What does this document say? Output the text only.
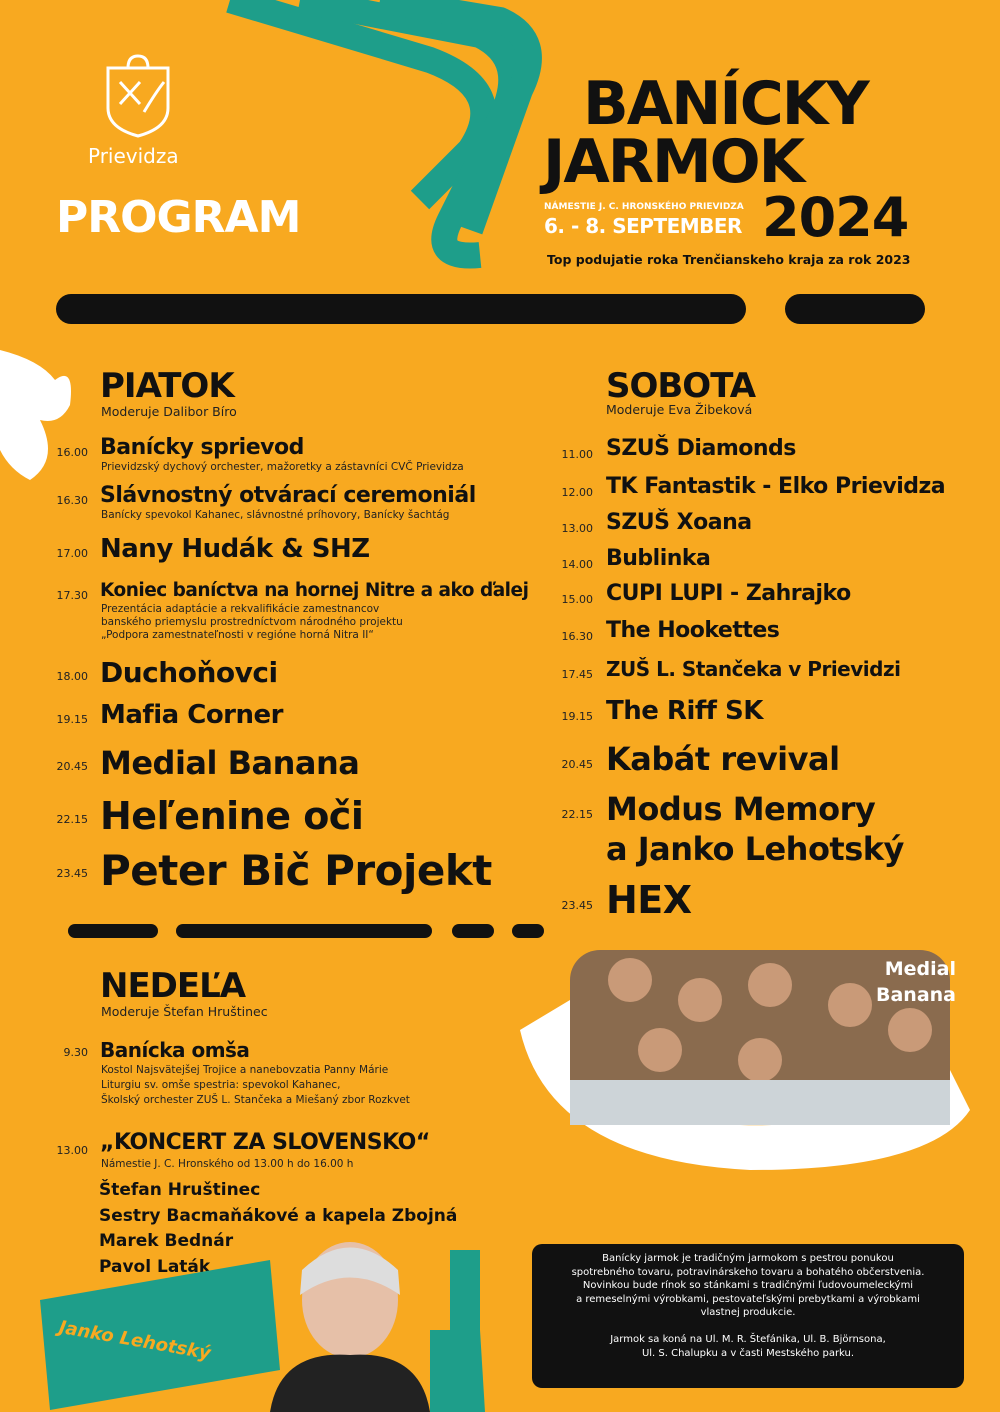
Prievidza
PROGRAM
BANÍCKY
JARMOK
NÁMESTIE J. C. HRONSKÉHO PRIEVIDZA
6. - 8. SEPTEMBER 2024
Top podujatie roka Trenčianskeho kraja za rok 2023
PIATOK
Moderuje Dalibor Bíro
16.00 Banícky sprievod
Prievidzský dychový orchester, mažoretky a zástavníci CVČ Prievidza
16.30 Slávnostný otvárací ceremoniál
Banícky spevokol Kahanec, slávnostné príhovory, Banícky šachtág
17.00 Nany Hudák & SHZ
17.30 Koniec baníctva na hornej Nitre a ako ďalej
Prezentácia adaptácie a rekvalifikácie zamestnancov
banského priemyslu prostredníctvom národného projektu
„Podpora zamestnateľnosti v regióne horná Nitra II“
18.00 Duchoňovci
19.15 Mafia Corner
20.45 Medial Banana
22.15 Heľenine oči
23.45 Peter Bič Projekt
SOBOTA
Moderuje Eva Žibeková
11.00 SZUŠ Diamonds
12.00 TK Fantastik - Elko Prievidza
13.00 SZUŠ Xoana
14.00 Bublinka
15.00 CUPI LUPI - Zahrajko
16.30 The Hookettes
17.45 ZUŠ L. Stančeka v Prievidzi
19.15 The Riff SK
20.45 Kabát revival
22.15 Modus Memory
a Janko Lehotský
23.45 HEX
NEDEĽA
Moderuje Štefan Hruštinec
9.30 Banícka omša
Kostol Najsvätejšej Trojice a nanebovzatia Panny Márie
Liturgiu sv. omše spestria: spevokol Kahanec,
Školský orchester ZUŠ L. Stančeka a Miešaný zbor Rozkvet
13.00 „KONCERT ZA SLOVENSKO“
Námestie J. C. Hronského od 13.00 h do 16.00 h
Štefan Hruštinec
Sestry Bacmaňákové a kapela Zbojná
Marek Bednár
Pavol Laták
Medial
Banana
Janko Lehotský
Banícky jarmok je tradičným jarmokom s pestrou ponukou
spotrebného tovaru, potravinárskeho tovaru a bohatého občerstvenia.
Novinkou bude rínok so stánkami s tradičnými ľudovoumeleckými
a remeselnými výrobkami, pestovateľskými prebytkami a výrobkami
vlastnej produkcie.
Jarmok sa koná na Ul. M. R. Štefánika, Ul. B. Björnsona,
Ul. S. Chalupku a v časti Mestského parku.
